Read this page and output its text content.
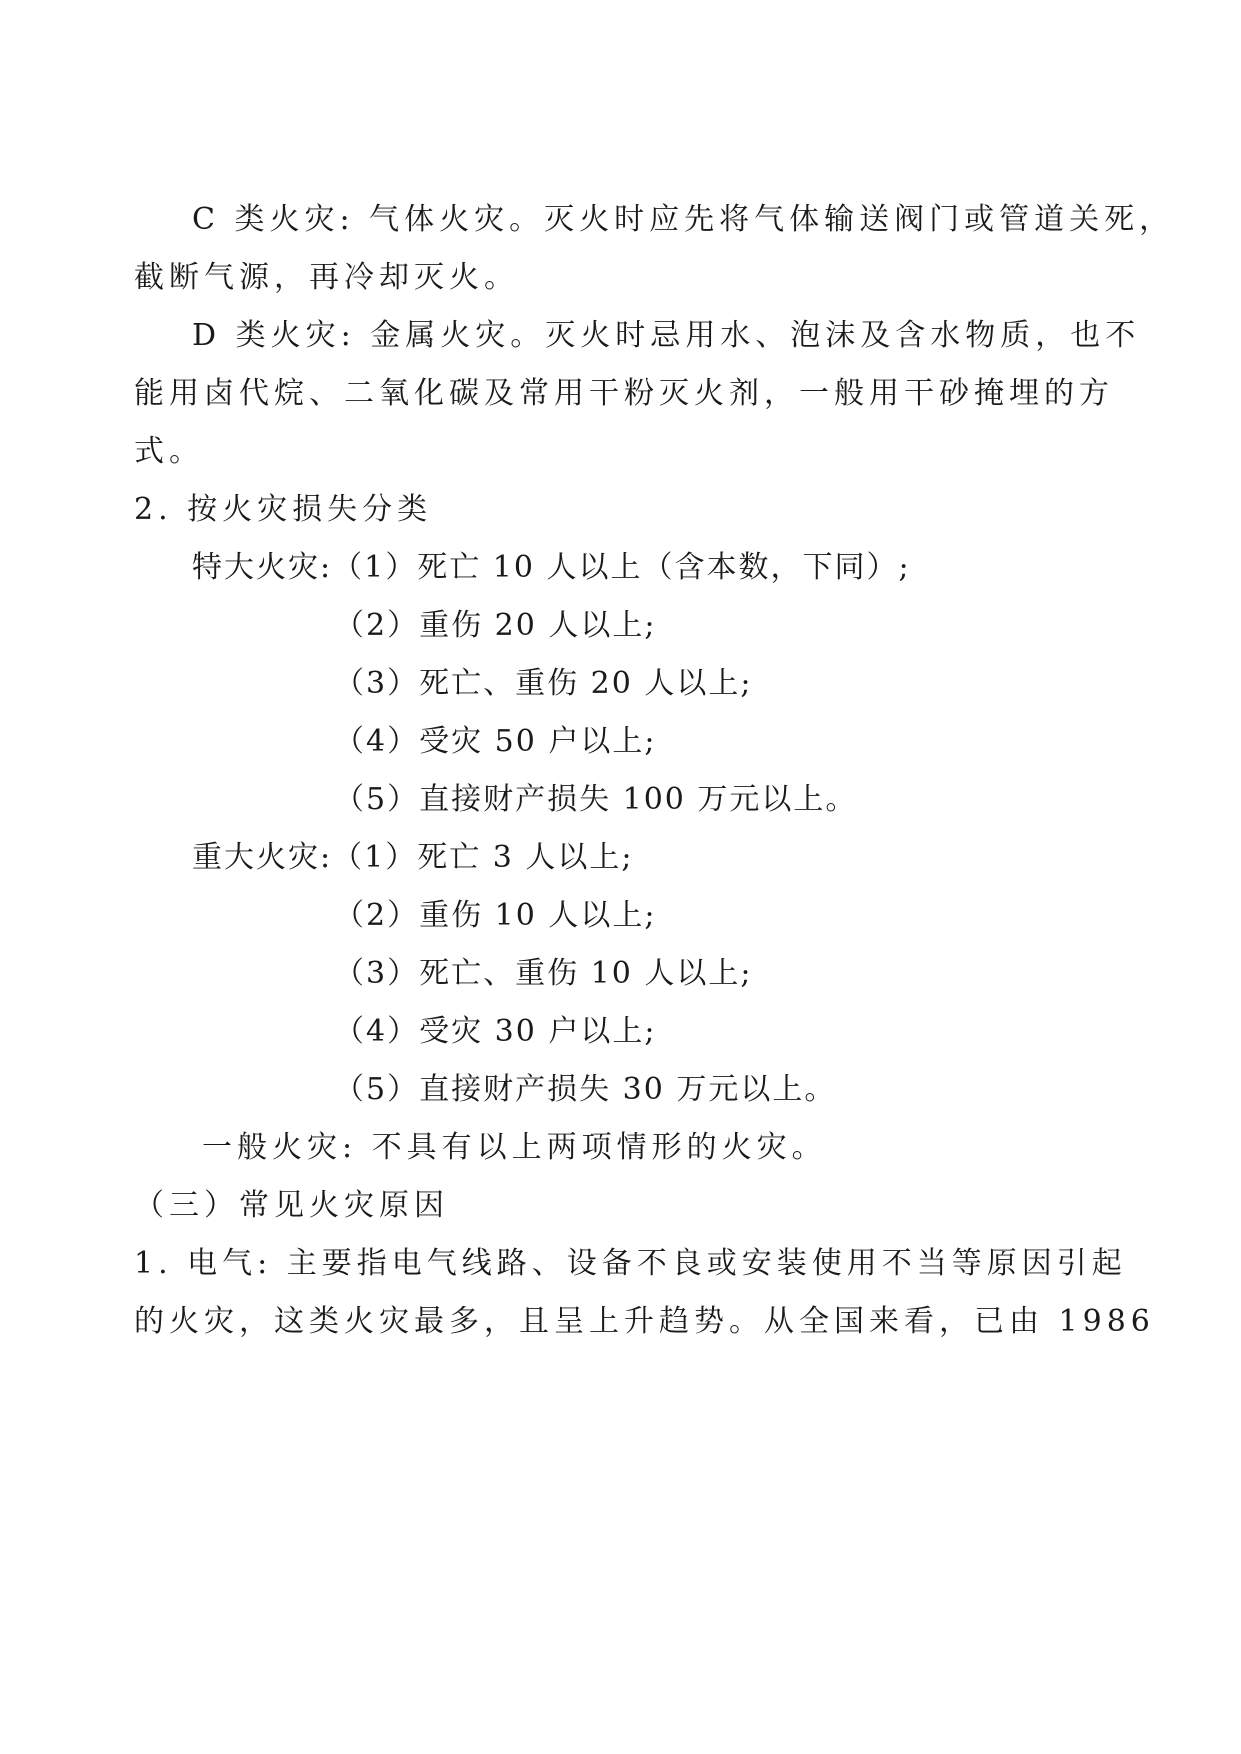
C 类火灾: 气体火灾。灭火时应先将气体输送阀门或管道关死，
截断气源，再冷却灭火。
D 类火灾: 金属火灾。灭火时忌用水、泡沫及含水物质，也不
能用卤代烷、二氧化碳及常用干粉灭火剂，一般用干砂掩埋的方
式。
2. 按火灾损失分类
特大火灾:（1）死亡 10 人以上（含本数，下同）;
（2）重伤 20 人以上;
（3）死亡、重伤 20 人以上;
（4）受灾 50 户以上;
（5）直接财产损失 100 万元以上。
重大火灾:（1）死亡 3 人以上;
（2）重伤 10 人以上;
（3）死亡、重伤 10 人以上;
（4）受灾 30 户以上;
（5）直接财产损失 30 万元以上。
一般火灾: 不具有以上两项情形的火灾。
（三）常见火灾原因
1. 电气: 主要指电气线路、设备不良或安装使用不当等原因引起
的火灾，这类火灾最多，且呈上升趋势。从全国来看，已由 1986
